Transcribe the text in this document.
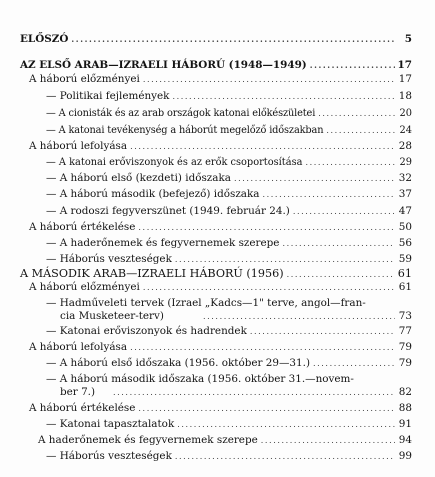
ELŐSZÓ .....	5
AZ ELSŐ ARAB—IZRAELI HÁBORÚ (1948—1949) .....	17
A háború előzményei .....	17
— Politikai fejlemények .....	18
— A cionisták és az arab országok katonai előkészületei .....	20
— A katonai tevékenység a háborút megelőző időszakban .....	24
A háború lefolyása .....	28
— A katonai erőviszonyok és az erők csoportosítása .....	29
— A háború első (kezdeti) időszaka .....	32
— A háború második (befejező) időszaka .....	37
— A rodoszi fegyverszünet (1949. február 24.) .....	47
A háború értékelése .....	50
— A haderőnemek és fegyvernemek szerepe .....	56
— Háborús veszteségek .....	59
A MÁSODIK ARAB—IZRAELI HÁBORÚ (1956) .....	61
A háború előzményei .....	61
— Hadműveleti tervek (Izrael „Kadcs—1" terve, angol—fran-
cia Musketeer-terv) .....	73
— Katonai erőviszonyok és hadrendek .....	77
A háború lefolyása .....	79
— A háború első időszaka (1956. október 29—31.) .....	79
— A háború második időszaka (1956. október 31.—novem-
ber 7.) .....	82
A háború értékelése .....	88
— Katonai tapasztalatok .....	91
A haderőnemek és fegyvernemek szerepe .....	94
— Háborús veszteségek .....	99
